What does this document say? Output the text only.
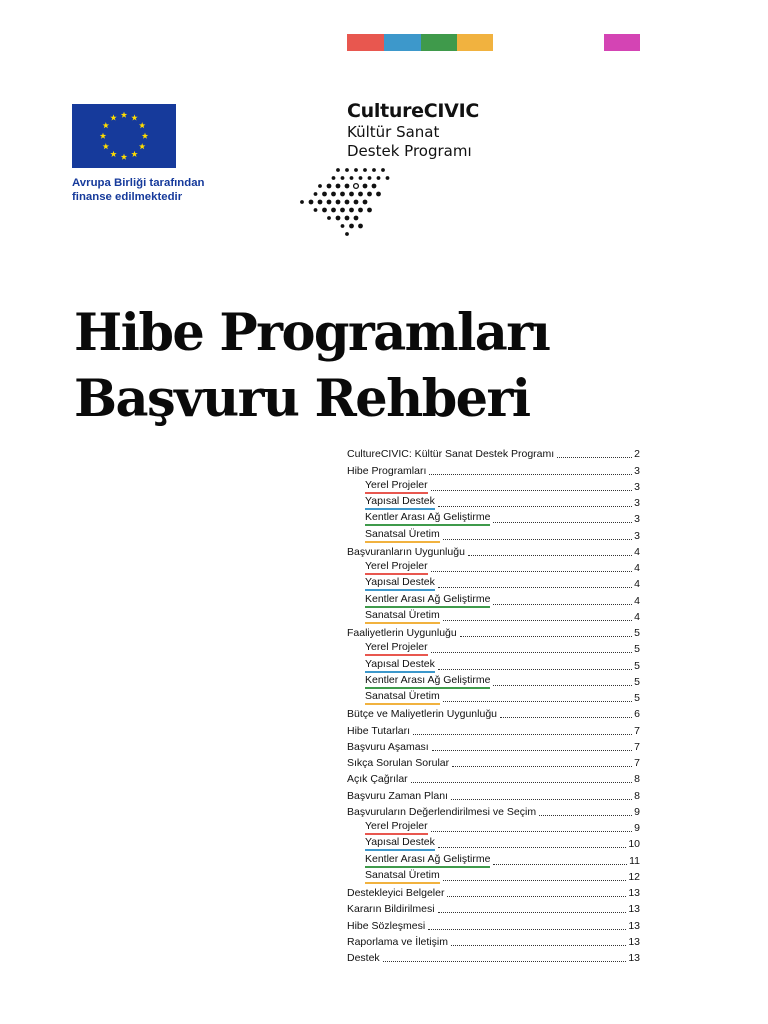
Avrupa Birliği tarafından
finanse edilmektedir
CultureCIVIC
Kültür Sanat
Destek Programı
Hibe Programları
Başvuru Rehberi
CultureCIVIC: Kültür Sanat Destek Programı	2
Hibe Programları	3
Yerel Projeler	3
Yapısal Destek	3
Kentler Arası Ağ Geliştirme	3
Sanatsal Üretim	3
Başvuranların Uygunluğu	4
Yerel Projeler	4
Yapısal Destek	4
Kentler Arası Ağ Geliştirme	4
Sanatsal Üretim	4
Faaliyetlerin Uygunluğu	5
Yerel Projeler	5
Yapısal Destek	5
Kentler Arası Ağ Geliştirme	5
Sanatsal Üretim	5
Bütçe ve Maliyetlerin Uygunluğu	6
Hibe Tutarları	7
Başvuru Aşaması	7
Sıkça Sorulan Sorular	7
Açık Çağrılar	8
Başvuru Zaman Planı	8
Başvuruların Değerlendirilmesi ve Seçim	9
Yerel Projeler	9
Yapısal Destek	10
Kentler Arası Ağ Geliştirme	11
Sanatsal Üretim	12
Destekleyici Belgeler	13
Kararın Bildirilmesi	13
Hibe Sözleşmesi	13
Raporlama ve İletişim	13
Destek	13
